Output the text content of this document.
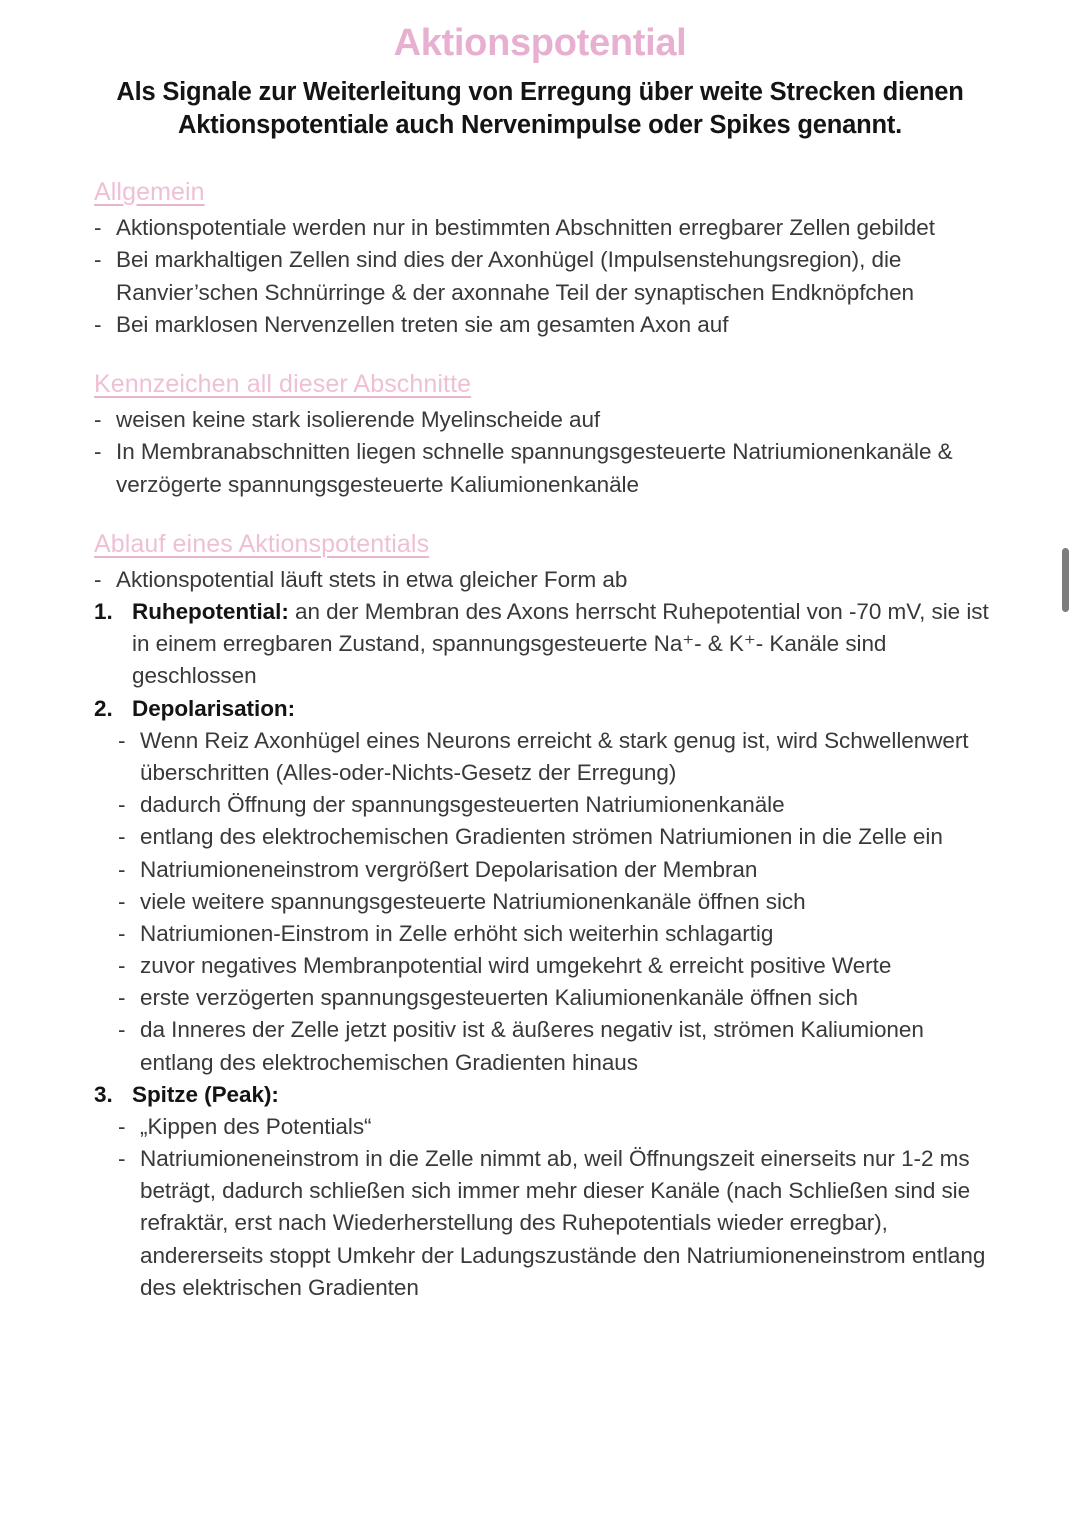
Aktionspotential

Als Signale zur Weiterleitung von Erregung über weite Strecken dienen Aktionspotentiale auch Nervenimpulse oder Spikes genannt.

Allgemein
- Aktionspotentiale werden nur in bestimmten Abschnitten erregbarer Zellen gebildet
- Bei markhaltigen Zellen sind dies der Axonhügel (Impulsenstehungsregion), die Ranvier’schen Schnürringe & der axonnahe Teil der synaptischen Endknöpfchen
- Bei marklosen Nervenzellen treten sie am gesamten Axon auf
Kennzeichen all dieser Abschnitte
- weisen keine stark isolierende Myelinscheide auf
- In Membranabschnitten liegen schnelle spannungsgesteuerte Natriumionenkanäle & verzögerte spannungsgesteuerte Kaliumionenkanäle
Ablauf eines Aktionspotentials
- Aktionspotential läuft stets in etwa gleicher Form ab
1. Ruhepotential: an der Membran des Axons herrscht Ruhepotential von -70 mV, sie ist in einem erregbaren Zustand, spannungsgesteuerte Na⁺- & K⁺- Kanäle sind geschlossen
2. Depolarisation:
- Wenn Reiz Axonhügel eines Neurons erreicht & stark genug ist, wird Schwellenwert überschritten (Alles-oder-Nichts-Gesetz der Erregung)
- dadurch Öffnung der spannungsgesteuerten Natriumionenkanäle
- entlang des elektrochemischen Gradienten strömen Natriumionen in die Zelle ein
- Natriumioneneinstrom vergrößert Depolarisation der Membran
- viele weitere spannungsgesteuerte Natriumionenkanäle öffnen sich
- Natriumionen-Einstrom in Zelle erhöht sich weiterhin schlagartig
- zuvor negatives Membranpotential wird umgekehrt & erreicht positive Werte
- erste verzögerten spannungsgesteuerten Kaliumionenkanäle öffnen sich
- da Inneres der Zelle jetzt positiv ist & äußeres negativ ist, strömen Kaliumionen entlang des elektrochemischen Gradienten hinaus
3. Spitze (Peak):
- „Kippen des Potentials“
- Natriumioneneinstrom in die Zelle nimmt ab, weil Öffnungszeit einerseits nur 1-2 ms beträgt, dadurch schließen sich immer mehr dieser Kanäle (nach Schließen sind sie refraktär, erst nach Wiederherstellung des Ruhepotentials wieder erregbar), andererseits stoppt Umkehr der Ladungszustände den Natriumioneneinstrom entlang des elektrischen Gradienten
